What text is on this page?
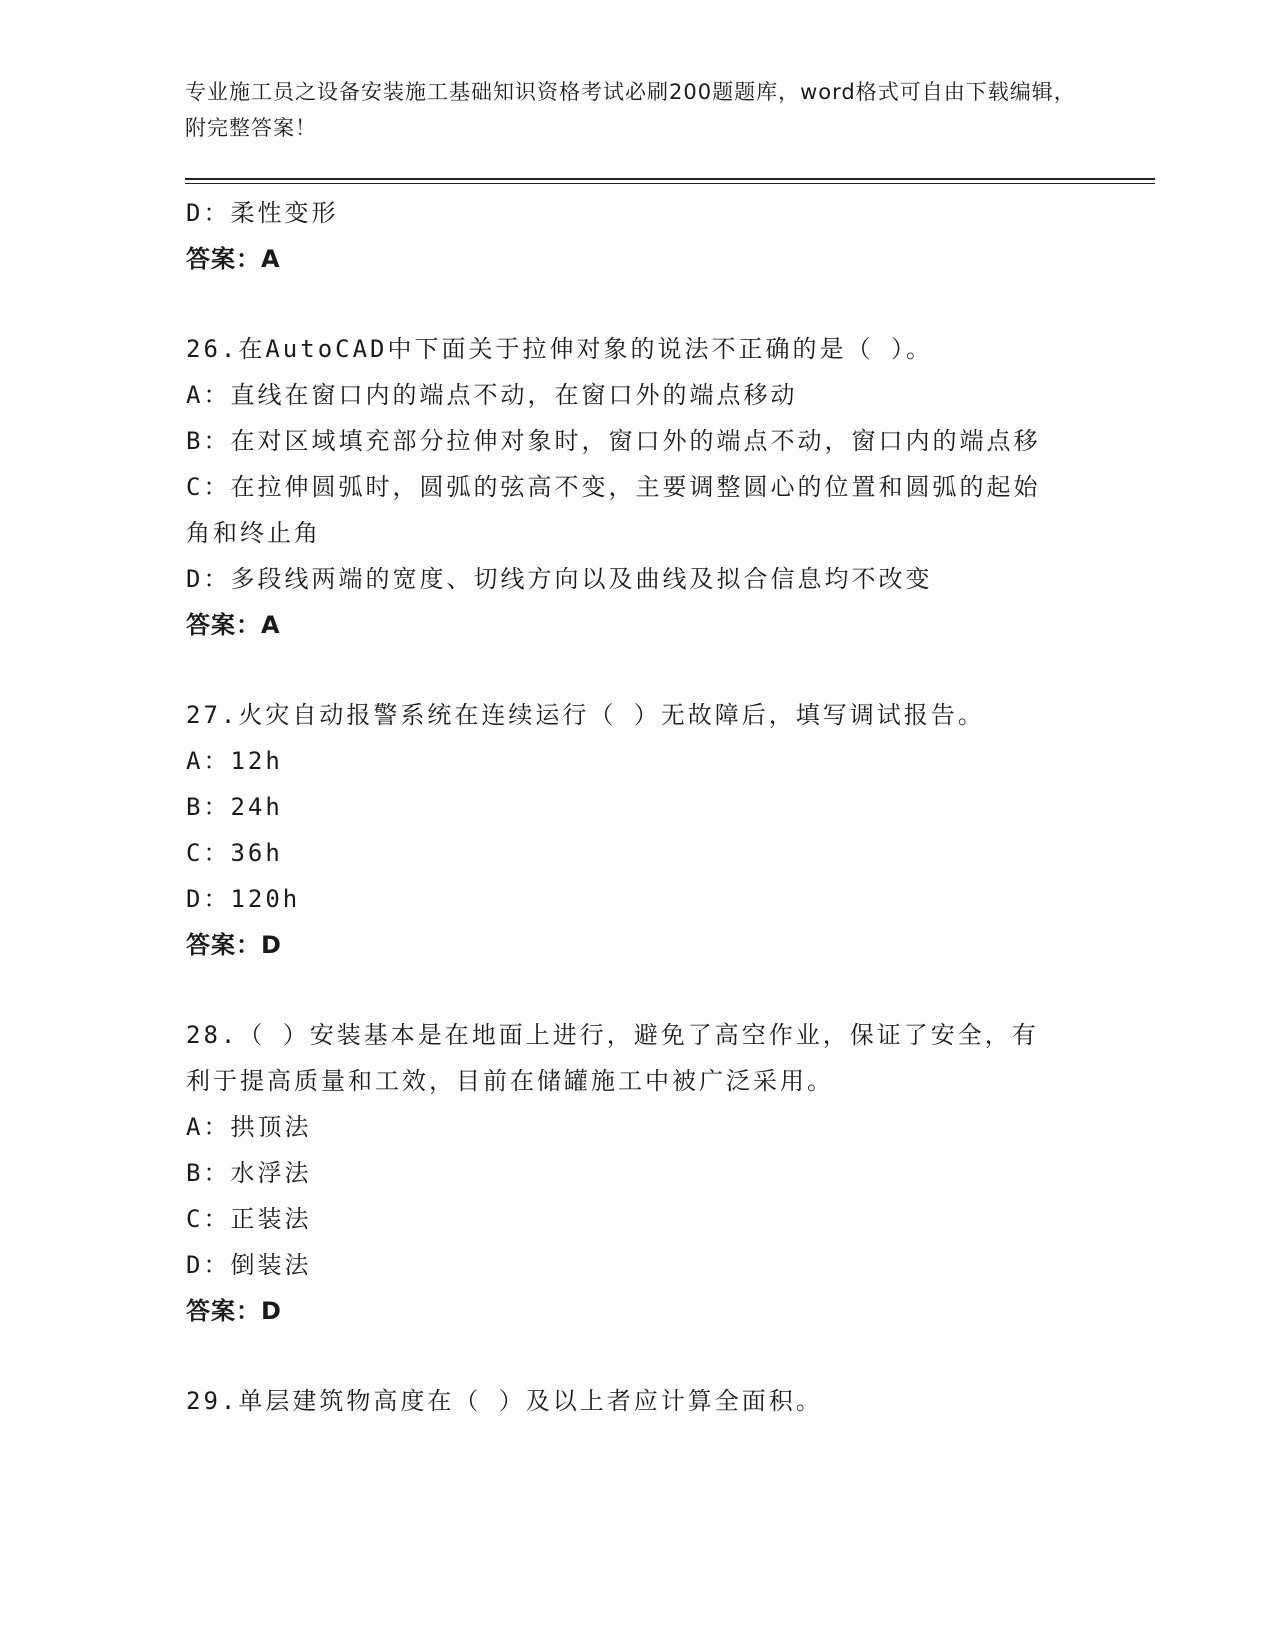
专业施工员之设备安装施工基础知识资格考试必刷200题题库，word格式可自由下载编辑，附完整答案！
D：柔性变形
答案：A
26.在AutoCAD中下面关于拉伸对象的说法不正确的是（ ）。
A：直线在窗口内的端点不动，在窗口外的端点移动
B：在对区域填充部分拉伸对象时，窗口外的端点不动，窗口内的端点移
C：在拉伸圆弧时，圆弧的弦高不变，主要调整圆心的位置和圆弧的起始角和终止角
D：多段线两端的宽度、切线方向以及曲线及拟合信息均不改变
答案：A
27.火灾自动报警系统在连续运行（ ）无故障后，填写调试报告。
A：12h
B：24h
C：36h
D：120h
答案：D
28.（ ）安装基本是在地面上进行，避免了高空作业，保证了安全，有利于提高质量和工效，目前在储罐施工中被广泛采用。
A：拱顶法
B：水浮法
C：正装法
D：倒装法
答案：D
29.单层建筑物高度在（ ）及以上者应计算全面积。
